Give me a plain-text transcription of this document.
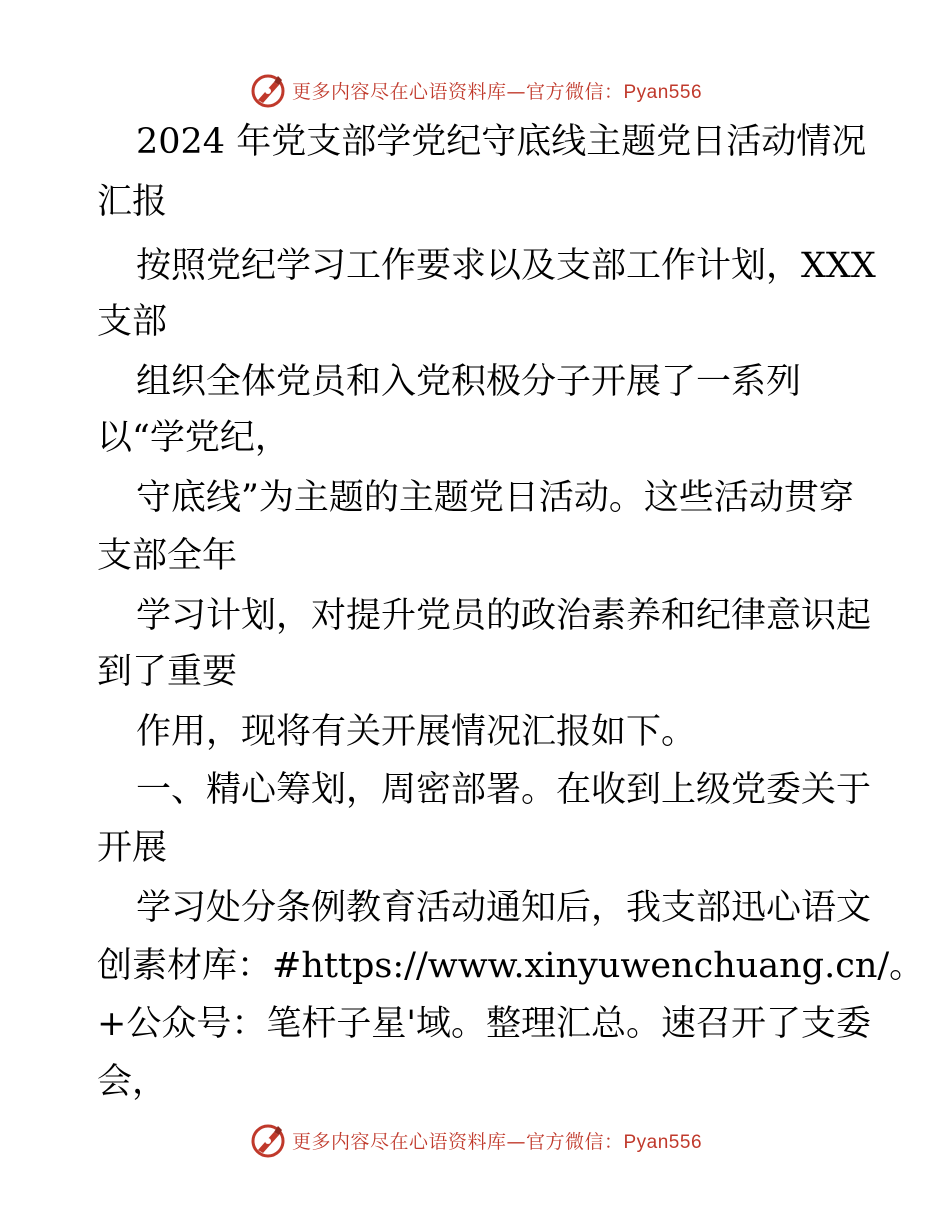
更多内容尽在心语资料库—官方微信：Pyan556
2024 年党支部学党纪守底线主题党日活动情况
汇报
按照党纪学习工作要求以及支部工作计划，XXX
支部
组织全体党员和入党积极分子开展了一系列
以“学党纪，
守底线”为主题的主题党日活动。这些活动贯穿
支部全年
学习计划，对提升党员的政治素养和纪律意识起
到了重要
作用，现将有关开展情况汇报如下。
一、精心筹划，周密部署。在收到上级党委关于
开展
学习处分条例教育活动通知后，我支部迅心语文
创素材库：#https://www.xinyuwenchuang.cn/。
+公众号：笔杆子星'域。整理汇总。速召开了支委
会，
更多内容尽在心语资料库—官方微信：Pyan556
